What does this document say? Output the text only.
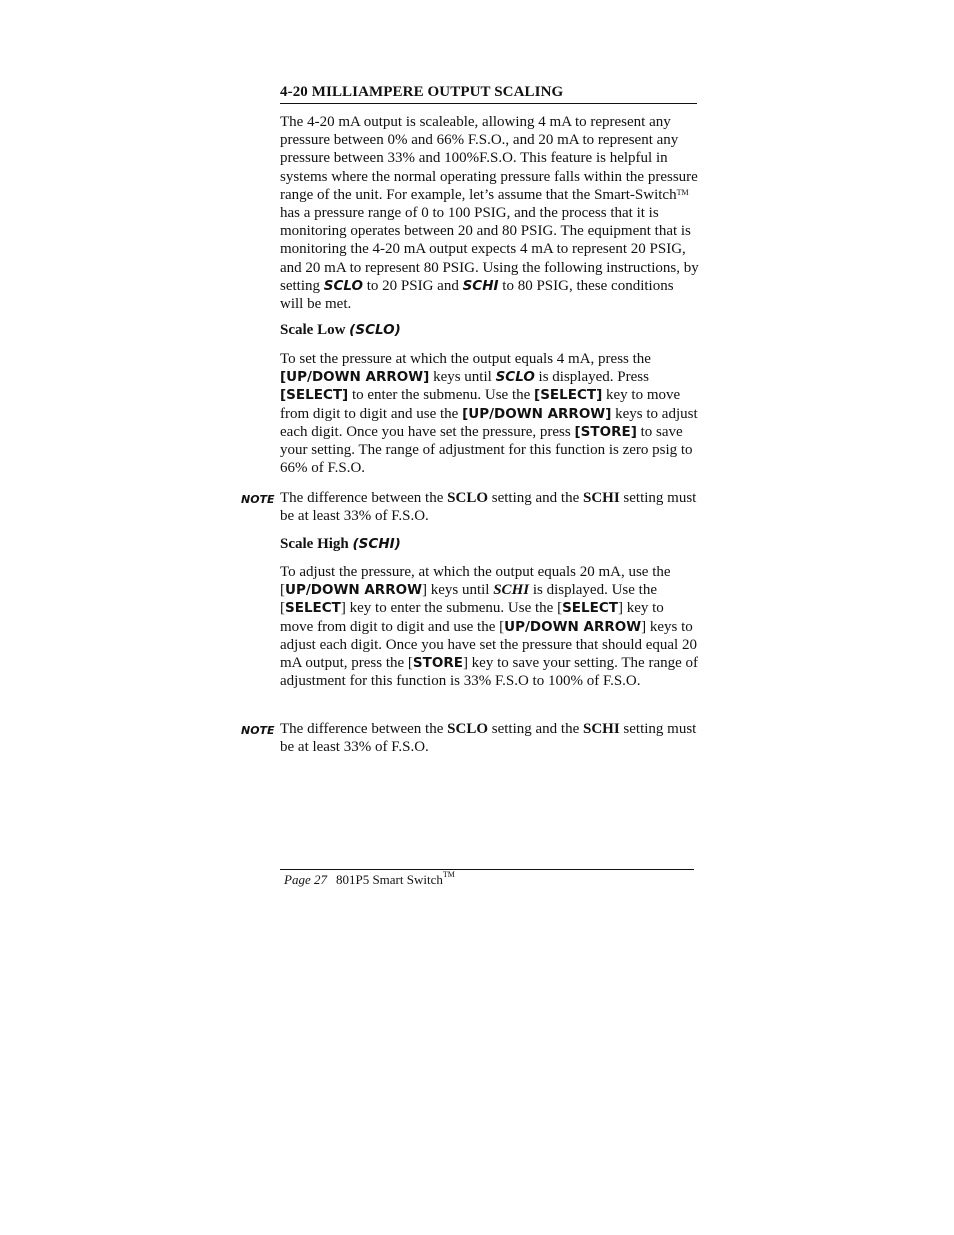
4-20 MILLIAMPERE OUTPUT SCALING
The 4-20 mA output is scaleable, allowing 4 mA to represent any pressure between 0% and 66% F.S.O., and 20 mA to represent any pressure between 33% and 100%F.S.O. This feature is helpful in systems where the normal operating pressure falls within the pressure range of the unit. For example, let’s assume that the Smart-Switch™ has a pressure range of 0 to 100 PSIG, and the process that it is monitoring operates between 20 and 80 PSIG. The equipment that is monitoring the 4-20 mA output expects 4 mA to represent 20 PSIG, and 20 mA to represent 80 PSIG. Using the following instructions, by setting SCLO to 20 PSIG and SCHI to 80 PSIG, these conditions will be met.
Scale Low (SCLO)
To set the pressure at which the output equals 4 mA, press the [UP/DOWN ARROW] keys until SCLO is displayed. Press [SELECT] to enter the submenu. Use the [SELECT] key to move from digit to digit and use the [UP/DOWN ARROW] keys to adjust each digit. Once you have set the pressure, press [STORE] to save your setting. The range of adjustment for this function is zero psig to 66% of F.S.O.
NOTE The difference between the SCLO setting and the SCHI setting must be at least 33% of F.S.O.
Scale High (SCHI)
To adjust the pressure, at which the output equals 20 mA, use the [UP/DOWN ARROW] keys until SCHI is displayed. Use the [SELECT] key to enter the submenu. Use the [SELECT] key to move from digit to digit and use the [UP/DOWN ARROW] keys to adjust each digit. Once you have set the pressure that should equal 20 mA output, press the [STORE] key to save your setting. The range of adjustment for this function is 33% F.S.O to 100% of F.S.O.
NOTE The difference between the SCLO setting and the SCHI setting must be at least 33% of F.S.O.
Page 27 801P5 Smart Switch™
